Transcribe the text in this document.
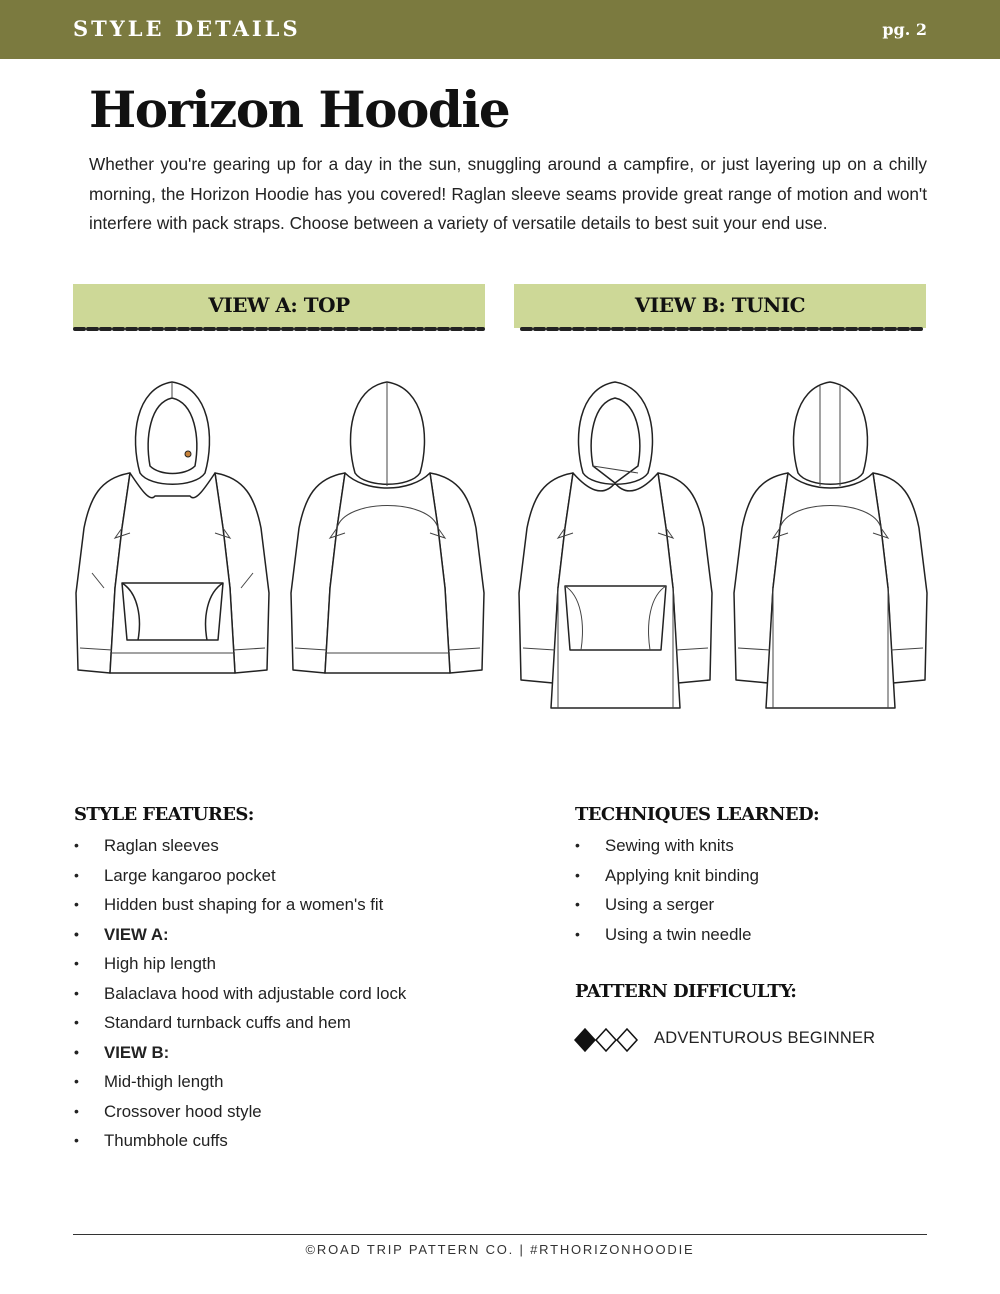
STYLE DETAILS	pg. 2
Horizon Hoodie

Whether you're gearing up for a day in the sun, snuggling around a campfire, or just layering up on a chilly morning, the Horizon Hoodie has you covered! Raglan sleeve seams provide great range of motion and won't interfere with pack straps. Choose between a variety of versatile details to best suit your end use.

VIEW A: TOP	VIEW B: TUNIC
STYLE FEATURES:
• Raglan sleeves
• Large kangaroo pocket
• Hidden bust shaping for a women's fit
• VIEW A:
• High hip length
• Balaclava hood with adjustable cord lock
• Standard turnback cuffs and hem
• VIEW B:
• Mid-thigh length
• Crossover hood style
• Thumbhole cuffs
TECHNIQUES LEARNED:
• Sewing with knits
• Applying knit binding
• Using a serger
• Using a twin needle
PATTERN DIFFICULTY:
ADVENTUROUS BEGINNER
©ROAD TRIP PATTERN CO. | #RTHORIZONHOODIE
